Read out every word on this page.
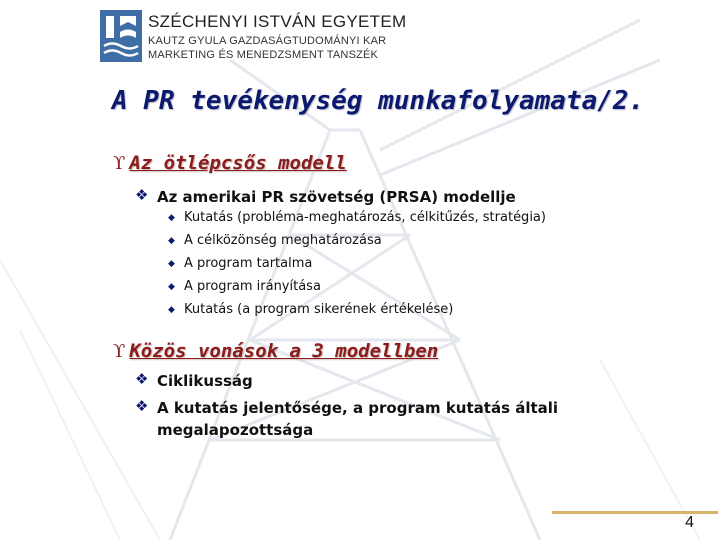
SZÉCHENYI ISTVÁN EGYETEM
KAUTZ GYULA GAZDASÁGTUDOMÁNYI KAR
MARKETING ÉS MENEDZSMENT TANSZÉK
A PR tevékenység munkafolyamata/2.
ϒ Az ötlépcsős modell
❖ Az amerikai PR szövetség (PRSA) modellje
◆ Kutatás (probléma-meghatározás, célkitűzés, stratégia)
◆ A célközönség meghatározása
◆ A program tartalma
◆ A program irányítása
◆ Kutatás (a program sikerének értékelése)
ϒ Közös vonások a 3 modellben
❖ Ciklikusság
❖ A kutatás jelentősége, a program kutatás általi megalapozottsága
4
